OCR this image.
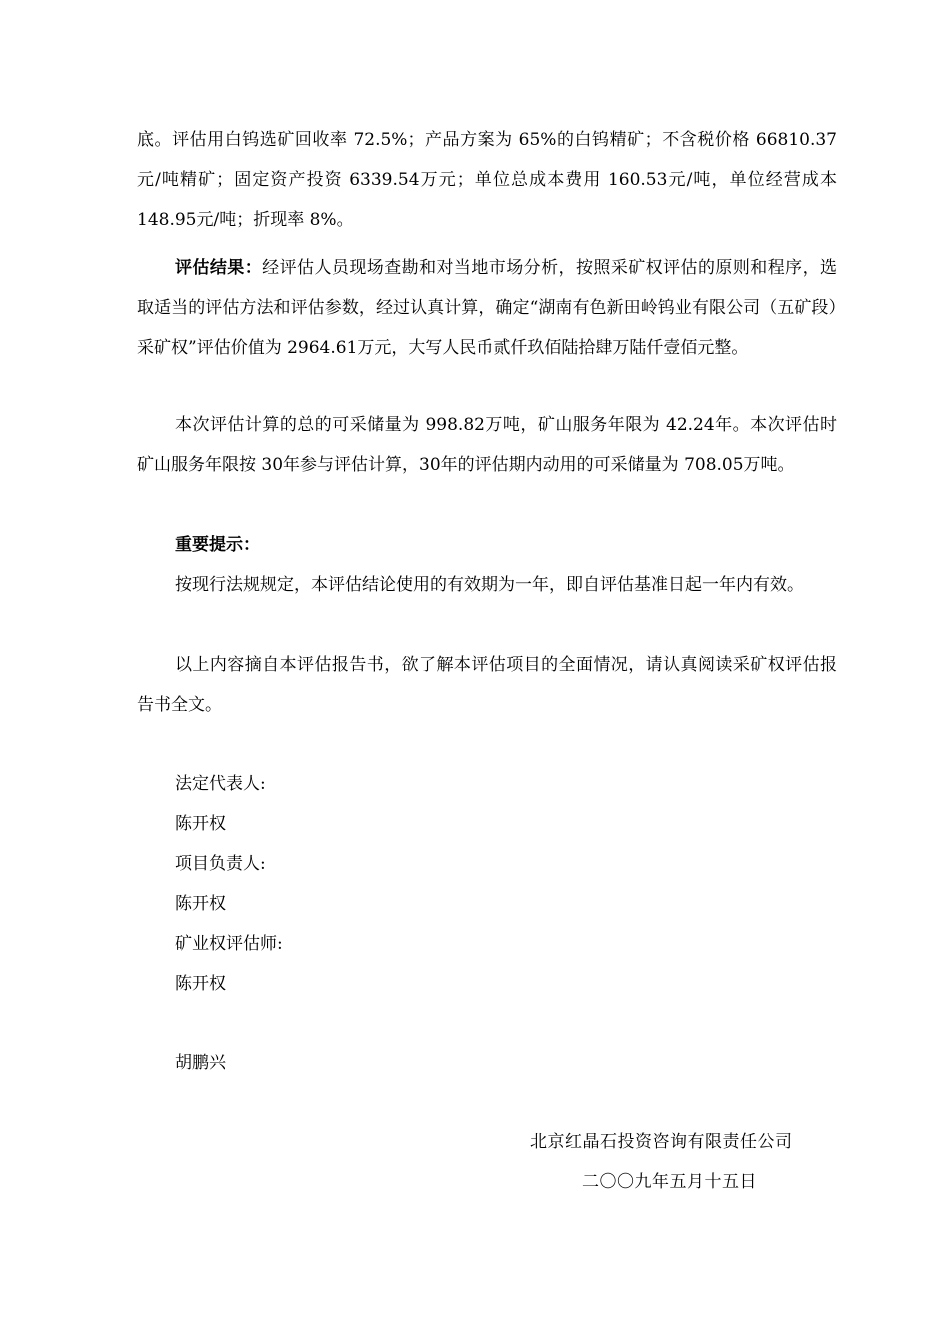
底。评估用白钨选矿回收率 72.5%；产品方案为 65%的白钨精矿；不含税价格 66810.37元/吨精矿；固定资产投资 6339.54万元；单位总成本费用 160.53元/吨，单位经营成本 148.95元/吨；折现率 8%。

评估结果：经评估人员现场查勘和对当地市场分析，按照采矿权评估的原则和程序，选取适当的评估方法和评估参数，经过认真计算，确定“湖南有色新田岭钨业有限公司（五矿段）采矿权”评估价值为 2964.61万元，大写人民币贰仟玖佰陆拾肆万陆仟壹佰元整。

本次评估计算的总的可采储量为 998.82万吨，矿山服务年限为 42.24年。本次评估时矿山服务年限按 30年参与评估计算，30年的评估期内动用的可采储量为 708.05万吨。

重要提示：

按现行法规规定，本评估结论使用的有效期为一年，即自评估基准日起一年内有效。

以上内容摘自本评估报告书，欲了解本评估项目的全面情况，请认真阅读采矿权评估报告书全文。

法定代表人:

陈开权

项目负责人:

陈开权

矿业权评估师:

陈开权

胡鹏兴

北京红晶石投资咨询有限责任公司

二〇〇九年五月十五日
